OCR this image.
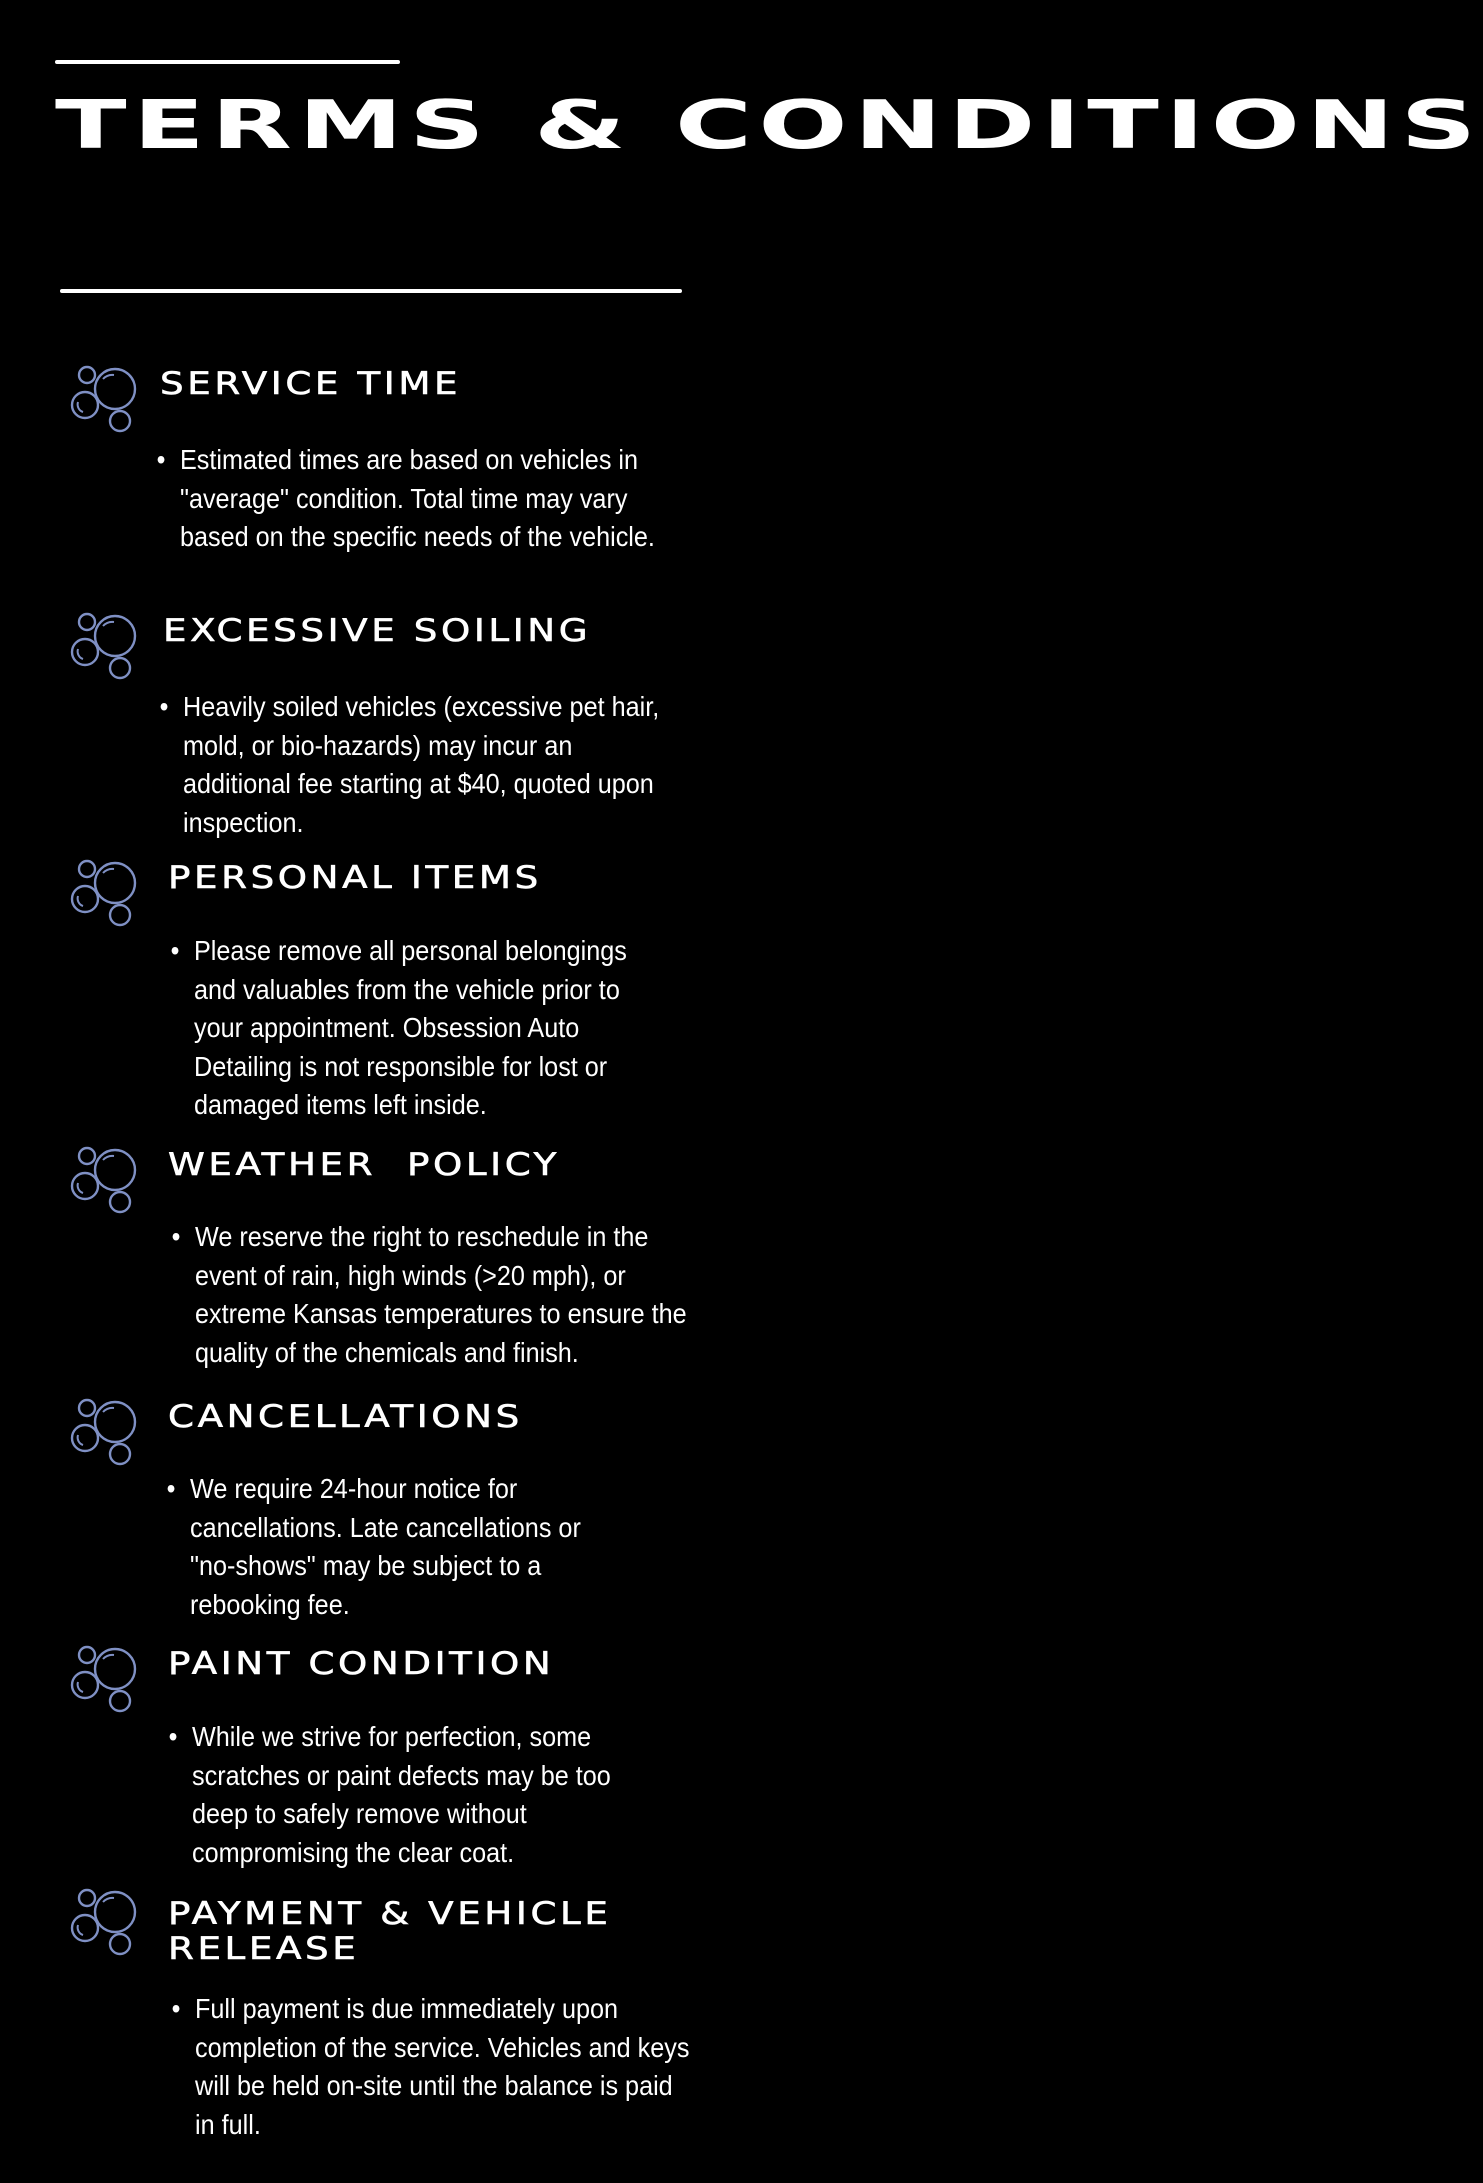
TERMS & CONDITIONS
SERVICE TIME
• Estimated times are based on vehicles in "average" condition. Total time may vary based on the specific needs of the vehicle.
EXCESSIVE SOILING
• Heavily soiled vehicles (excessive pet hair, mold, or bio-hazards) may incur an additional fee starting at $40, quoted upon inspection.
PERSONAL ITEMS
• Please remove all personal belongings and valuables from the vehicle prior to your appointment. Obsession Auto Detailing is not responsible for lost or damaged items left inside.
WEATHER  POLICY
• We reserve the right to reschedule in the event of rain, high winds (>20 mph), or extreme Kansas temperatures to ensure the quality of the chemicals and finish.
CANCELLATIONS
• We require 24-hour notice for cancellations. Late cancellations or "no-shows" may be subject to a rebooking fee.
PAINT CONDITION
• While we strive for perfection, some scratches or paint defects may be too deep to safely remove without compromising the clear coat.
PAYMENT & VEHICLE RELEASE
• Full payment is due immediately upon completion of the service. Vehicles and keys will be held on-site until the balance is paid in full.
